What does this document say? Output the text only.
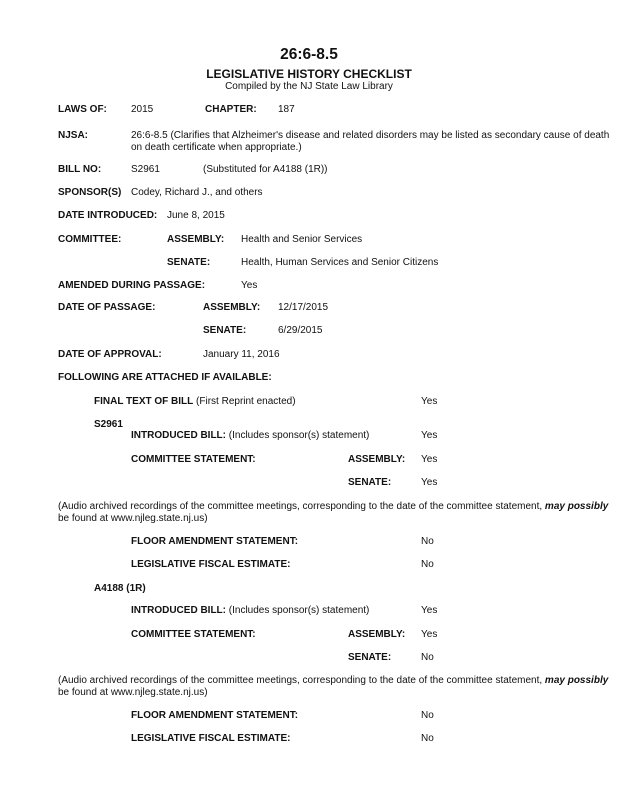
26:6-8.5
LEGISLATIVE HISTORY CHECKLIST
Compiled by the NJ State Law Library
LAWS OF: 2015	CHAPTER: 187
NJSA:	26:6-8.5 (Clarifies that Alzheimer's disease and related disorders may be listed as secondary cause of death
on death certificate when appropriate.)
BILL NO:	S2961	(Substituted for A4188 (1R))
SPONSOR(S) Codey, Richard J., and others
DATE INTRODUCED: June 8, 2015
COMMITTEE:	ASSEMBLY: Health and Senior Services
SENATE:	Health, Human Services and Senior Citizens
AMENDED DURING PASSAGE:	Yes
DATE OF PASSAGE:	ASSEMBLY: 12/17/2015
SENATE:	6/29/2015
DATE OF APPROVAL:	January 11, 2016
FOLLOWING ARE ATTACHED IF AVAILABLE:
FINAL TEXT OF BILL (First Reprint enacted)	Yes
S2961
INTRODUCED BILL: (Includes sponsor(s) statement)	Yes
COMMITTEE STATEMENT:	ASSEMBLY: Yes
SENATE:	Yes
(Audio archived recordings of the committee meetings, corresponding to the date of the committee statement, may possibly
be found at www.njleg.state.nj.us)
FLOOR AMENDMENT STATEMENT:	No
LEGISLATIVE FISCAL ESTIMATE:	No
A4188 (1R)
INTRODUCED BILL: (Includes sponsor(s) statement)	Yes
COMMITTEE STATEMENT:	ASSEMBLY: Yes
SENATE:	No
(Audio archived recordings of the committee meetings, corresponding to the date of the committee statement, may possibly
be found at www.njleg.state.nj.us)
FLOOR AMENDMENT STATEMENT:	No
LEGISLATIVE FISCAL ESTIMATE:	No
